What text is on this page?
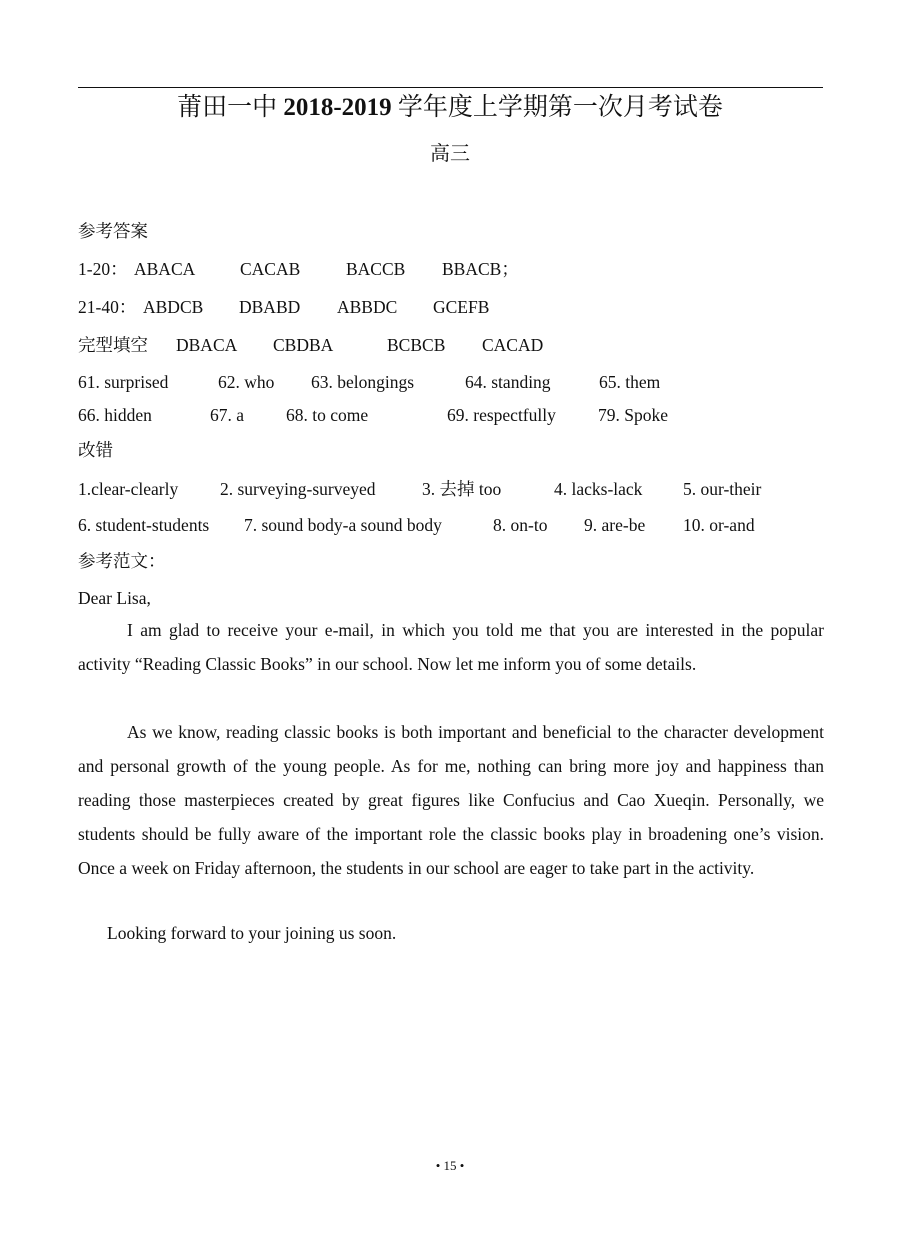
莆田一中 2018-2019 学年度上学期第一次月考试卷
高三
参考答案
1-20： ABACA	CACAB	BACCB BBACB；
21-40： ABDCB DBABD ABBDC GCEFB
完型填空 DBACA CBDBA	BCBCB CACAD
61. surprised	62. who 63. belongings	64. standing	65. them
66. hidden	67. a 68. to come	69. respectfully 79. Spoke
改错
1.clear-clearly 2. surveying-surveyed	3. 去掉 too	4. lacks-lack 5. our-their
6. student-students 7. sound body-a sound body	8. on-to 9. are-be 10. or-and
参考范文：
Dear Lisa,
I am glad to receive your e-mail, in which you told me that you are interested in the popular activity “Reading Classic Books” in our school. Now let me inform you of some details.
As we know, reading classic books is both important and beneficial to the character development and personal growth of the young people. As for me, nothing can bring more joy and happiness than reading those masterpieces created by great figures like Confucius and Cao Xueqin. Personally, we students should be fully aware of the important role the classic books play in broadening one’s vision. Once a week on Friday afternoon, the students in our school are eager to take part in the activity.
Looking forward to your joining us soon.
• 15 •
